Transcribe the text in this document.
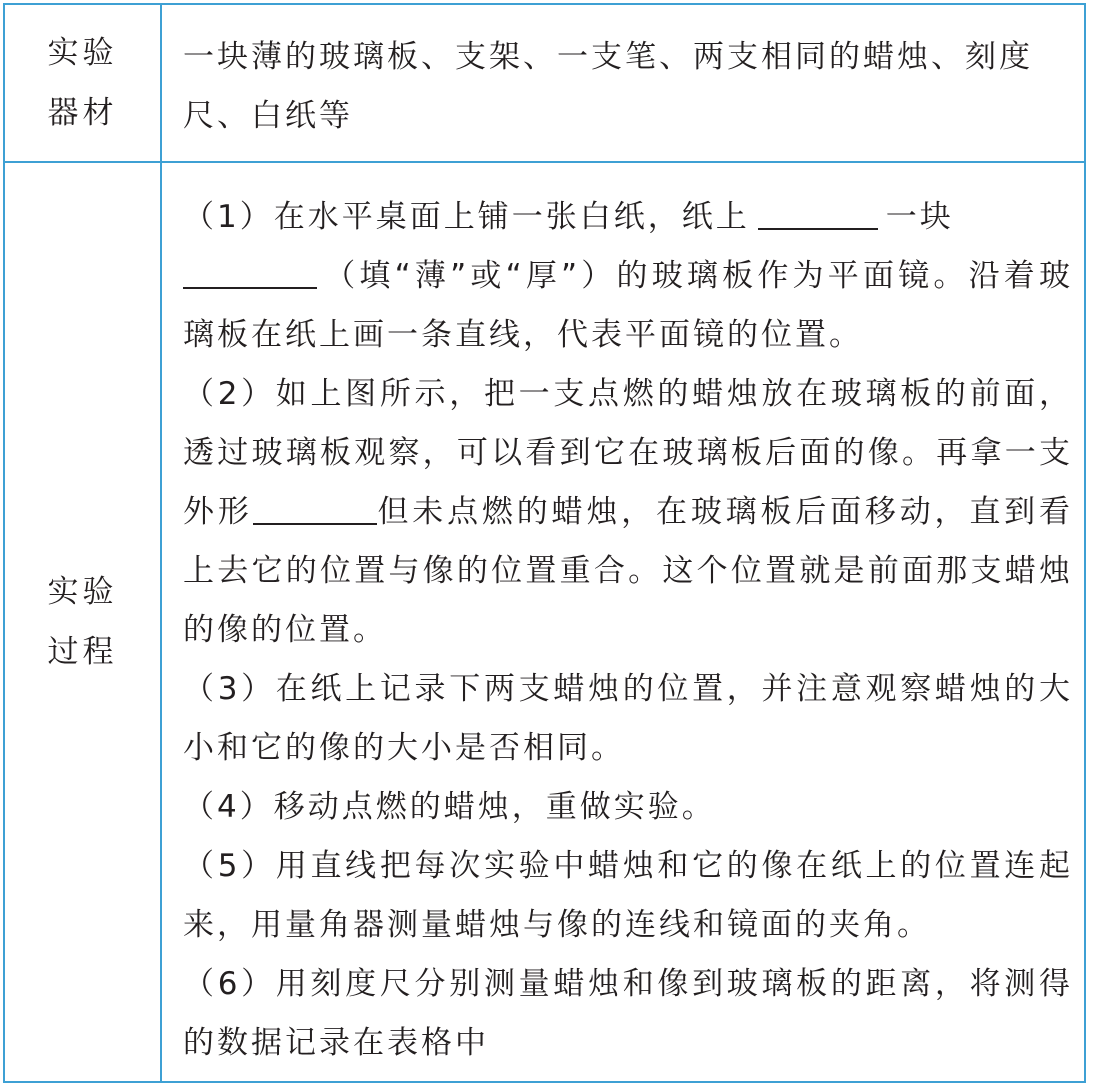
实验器材
一块薄的玻璃板、支架、一支笔、两支相同的蜡烛、刻度尺、白纸等
实验过程
（1）在水平桌面上铺一张白纸，纸上	一块
（填“薄”或“厚”）的玻璃板作为平面镜。沿着玻璃板在纸上画一条直线，代表平面镜的位置。
（2）如上图所示，把一支点燃的蜡烛放在玻璃板的前面，透过玻璃板观察，可以看到它在玻璃板后面的像。再拿一支外形	但未点燃的蜡烛，在玻璃板后面移动，直到看上去它的位置与像的位置重合。这个位置就是前面那支蜡烛的像的位置。
（3）在纸上记录下两支蜡烛的位置，并注意观察蜡烛的大小和它的像的大小是否相同。
（4）移动点燃的蜡烛，重做实验。
（5）用直线把每次实验中蜡烛和它的像在纸上的位置连起来，用量角器测量蜡烛与像的连线和镜面的夹角。
（6）用刻度尺分别测量蜡烛和像到玻璃板的距离，将测得的数据记录在表格中
